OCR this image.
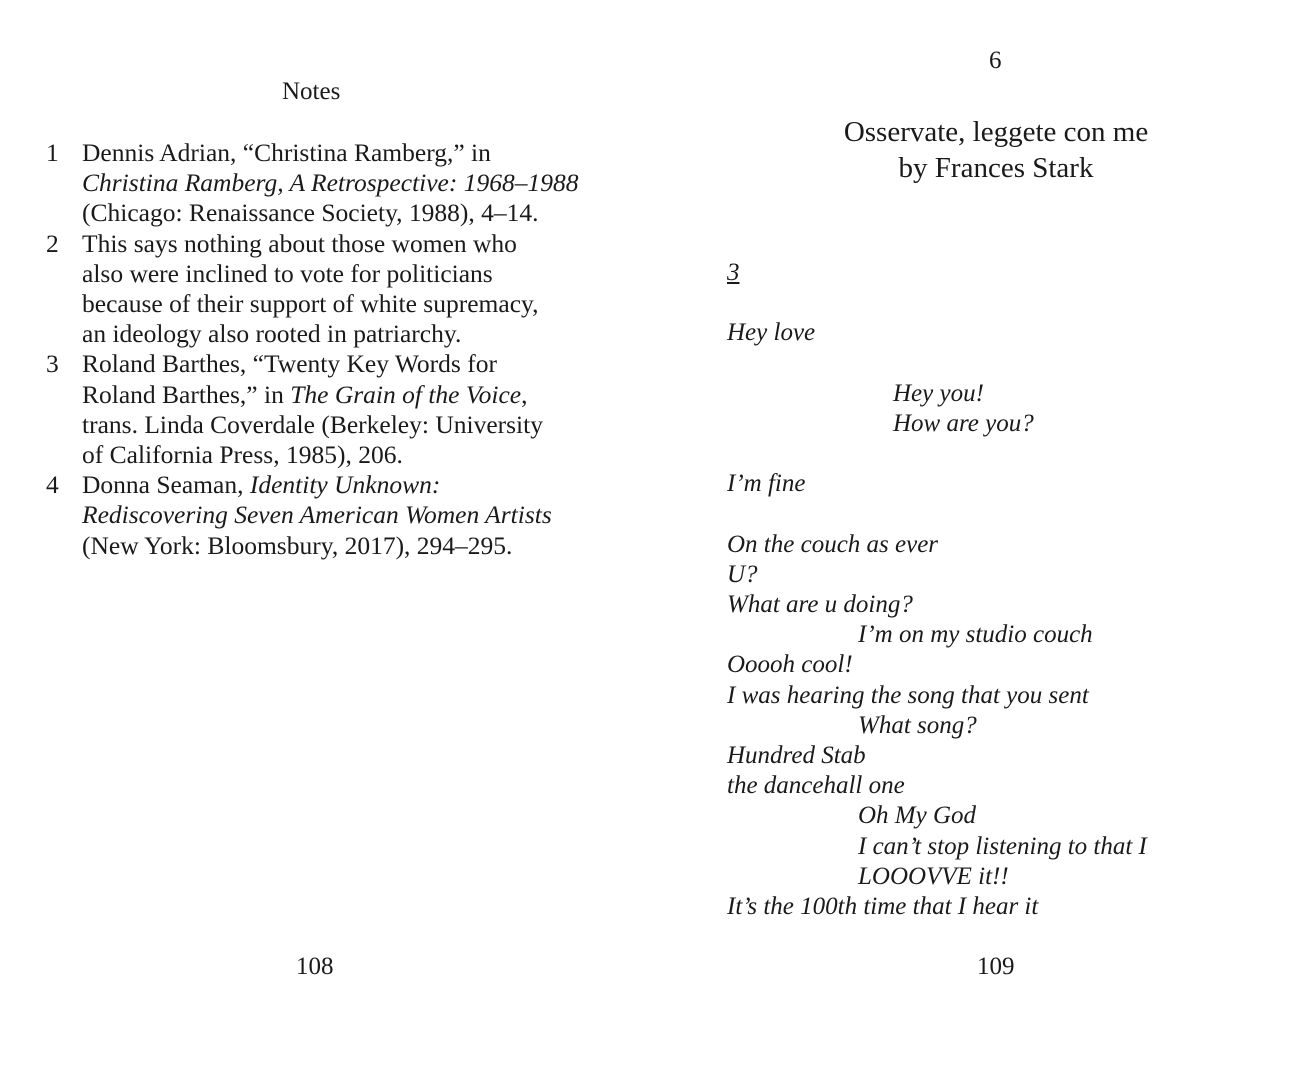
Notes
1 Dennis Adrian, “Christina Ramberg,” in
Christina Ramberg, A Retrospective: 1968–1988
(Chicago: Renaissance Society, 1988), 4–14.
2 This says nothing about those women who
also were inclined to vote for politicians
because of their support of white supremacy,
an ideology also rooted in patriarchy.
3 Roland Barthes, “Twenty Key Words for
Roland Barthes,” in The Grain of the Voice,
trans. Linda Coverdale (Berkeley: University
of California Press, 1985), 206.
4 Donna Seaman, Identity Unknown:
Rediscovering Seven American Women Artists
(New York: Bloomsbury, 2017), 294–295.

108

6

Osservate, leggete con me
by Frances Stark
3
Hey love
Hey you!
How are you?
I’m fine
On the couch as ever
U?
What are u doing?
I’m on my studio couch
Ooooh cool!
I was hearing the song that you sent
What song?
Hundred Stab
the dancehall one
Oh My God
I can’t stop listening to that I
LOOOVVE it!!
It’s the 100th time that I hear it

109
